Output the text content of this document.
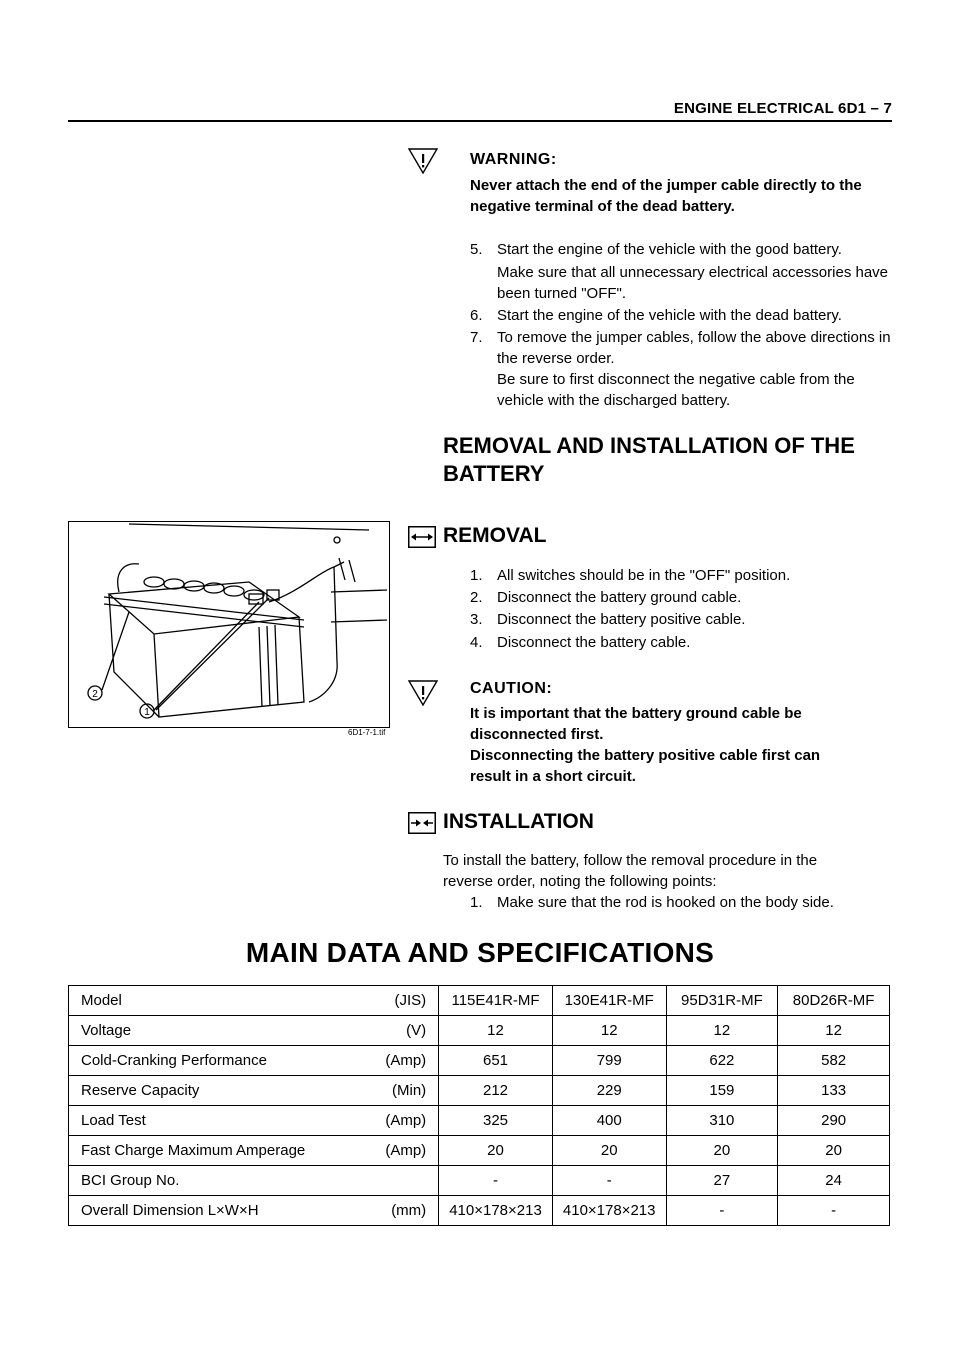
ENGINE ELECTRICAL 6D1 – 7
WARNING:
Never attach the end of the jumper cable directly to the negative terminal of the dead battery.
5. Start the engine of the vehicle with the good battery.
Make sure that all unnecessary electrical accessories have been turned "OFF".
6. Start the engine of the vehicle with the dead battery.
7. To remove the jumper cables, follow the above directions in the reverse order.
Be sure to first disconnect the negative cable from the vehicle with the discharged battery.
REMOVAL AND INSTALLATION OF THE BATTERY
2
1
6D1-7-1.tif
REMOVAL
1. All switches should be in the "OFF" position.
2. Disconnect the battery ground cable.
3. Disconnect the battery positive cable.
4. Disconnect the battery cable.
CAUTION:
It is important that the battery ground cable be disconnected first.
Disconnecting the battery positive cable first can result in a short circuit.
INSTALLATION
To install the battery, follow the removal procedure in the reverse order, noting the following points:
1. Make sure that the rod is hooked on the body side.
MAIN DATA AND SPECIFICATIONS
Model (JIS)	115E41R-MF	130E41R-MF	95D31R-MF	80D26R-MF
Voltage (V)	12	12	12	12
Cold-Cranking Performance (Amp)	651	799	622	582
Reserve Capacity (Min)	212	229	159	133
Load Test (Amp)	325	400	310	290
Fast Charge Maximum Amperage (Amp)	20	20	20	20
BCI Group No.	-	-	27	24
Overall Dimension L×W×H (mm)	410×178×213	410×178×213	-	-
